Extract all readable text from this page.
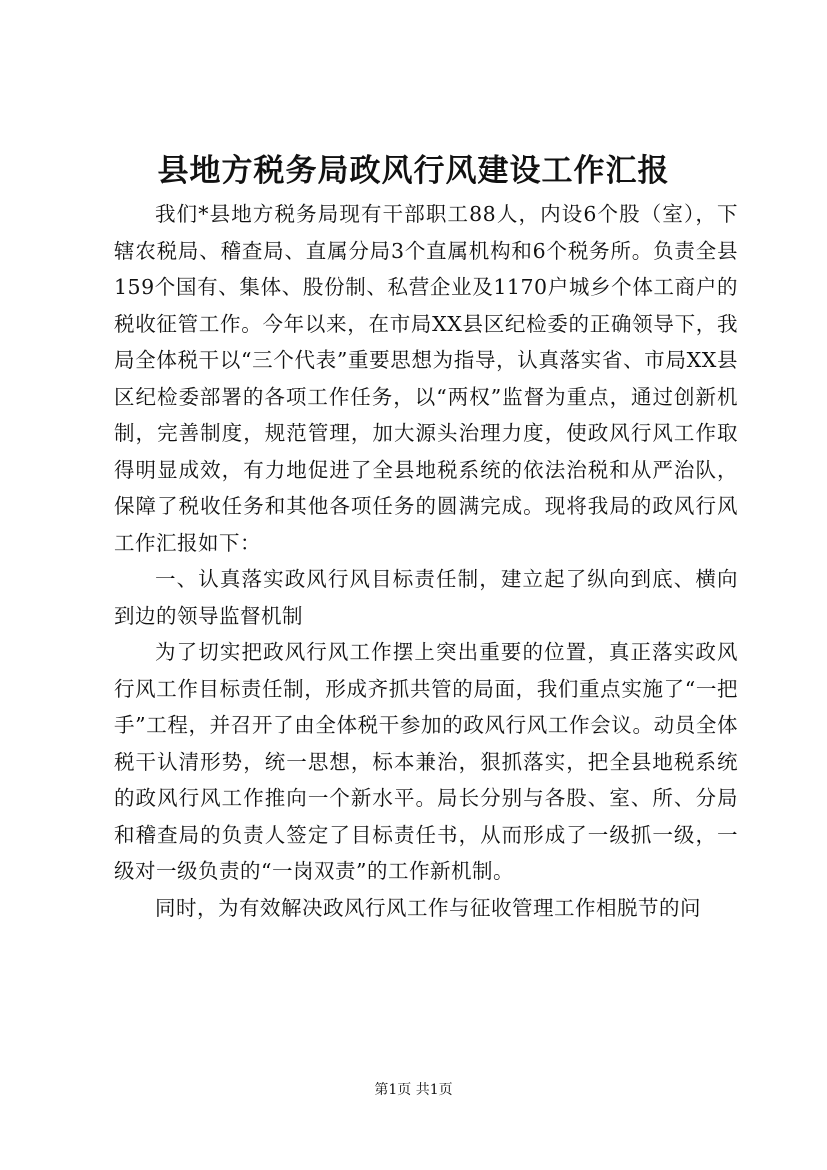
县地方税务局政风行风建设工作汇报

我们*县地方税务局现有干部职工88人，内设6个股（室），下辖农税局、稽查局、直属分局3个直属机构和6个税务所。负责全县159个国有、集体、股份制、私营企业及1170户城乡个体工商户的税收征管工作。今年以来，在市局XX县区纪检委的正确领导下，我局全体税干以“三个代表”重要思想为指导，认真落实省、市局XX县区纪检委部署的各项工作任务，以“两权”监督为重点，通过创新机制，完善制度，规范管理，加大源头治理力度，使政风行风工作取得明显成效，有力地促进了全县地税系统的依法治税和从严治队，保障了税收任务和其他各项任务的圆满完成。现将我局的政风行风工作汇报如下：

一、认真落实政风行风目标责任制，建立起了纵向到底、横向到边的领导监督机制

为了切实把政风行风工作摆上突出重要的位置，真正落实政风行风工作目标责任制，形成齐抓共管的局面，我们重点实施了“一把手”工程，并召开了由全体税干参加的政风行风工作会议。动员全体税干认清形势，统一思想，标本兼治，狠抓落实，把全县地税系统的政风行风工作推向一个新水平。局长分别与各股、室、所、分局和稽查局的负责人签定了目标责任书，从而形成了一级抓一级，一级对一级负责的“一岗双责”的工作新机制。

同时，为有效解决政风行风工作与征收管理工作相脱节的问

第1页 共1页
